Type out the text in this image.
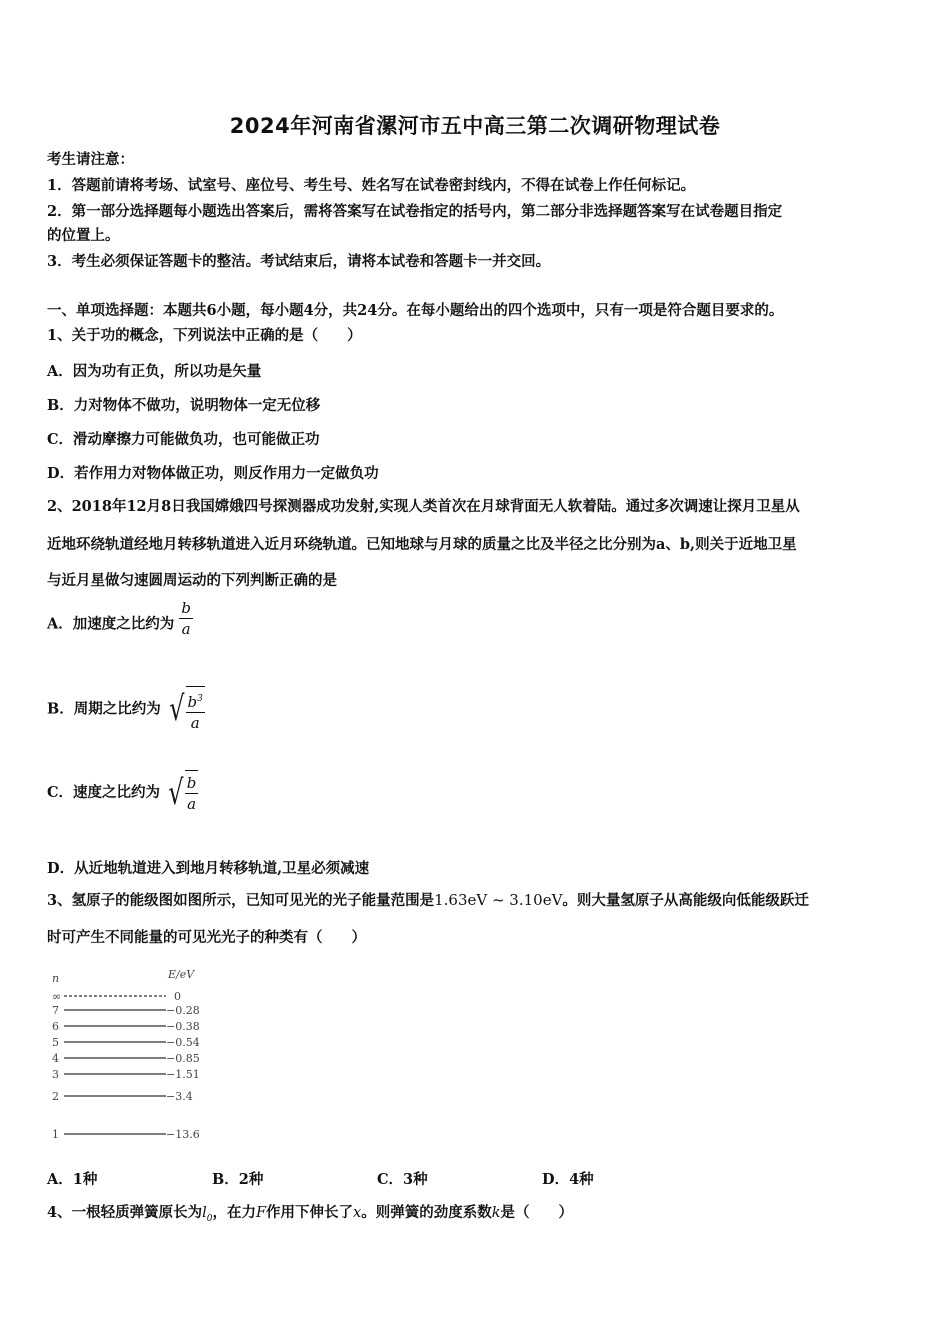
2024年河南省漯河市五中高三第二次调研物理试卷
考生请注意：
1．答题前请将考场、试室号、座位号、考生号、姓名写在试卷密封线内，不得在试卷上作任何标记。
2．第一部分选择题每小题选出答案后，需将答案写在试卷指定的括号内，第二部分非选择题答案写在试卷题目指定
的位置上。
3．考生必须保证答题卡的整洁。考试结束后，请将本试卷和答题卡一并交回。
一、单项选择题：本题共6小题，每小题4分，共24分。在每小题给出的四个选项中，只有一项是符合题目要求的。
1、关于功的概念，下列说法中正确的是（　　）
A．因为功有正负，所以功是矢量
B．力对物体不做功，说明物体一定无位移
C．滑动摩擦力可能做负功，也可能做正功
D．若作用力对物体做正功，则反作用力一定做负功
2、2018年12月8日我国嫦娥四号探测器成功发射,实现人类首次在月球背面无人软着陆。通过多次调速让探月卫星从
近地环绕轨道经地月转移轨道进入近月环绕轨道。已知地球与月球的质量之比及半径之比分别为a、b,则关于近地卫星
与近月星做匀速圆周运动的下列判断正确的是
A．加速度之比约为 $\frac{b}{a}$
B．周期之比约为 √ $\frac{b^3}{a}$
C．速度之比约为 √ $\frac{b}{a}$
D．从近地轨道进入到地月转移轨道,卫星必须减速
3、氢原子的能级图如图所示，已知可见光的光子能量范围是1.63eV ~ 3.10eV。则大量氢原子从高能级向低能级跃迁
时可产生不同能量的可见光光子的种类有（　　）
n	E/eV
∞	0
7	−0.28
6	−0.38
5	−0.54
4	−0.85
3	−1.51
2	−3.4
1	−13.6
A．1种	B．2种	C．3种	D．4种
4、一根轻质弹簧原长为$l_0$，在力F作用下伸长了x。则弹簧的劲度系数k是（　　）
